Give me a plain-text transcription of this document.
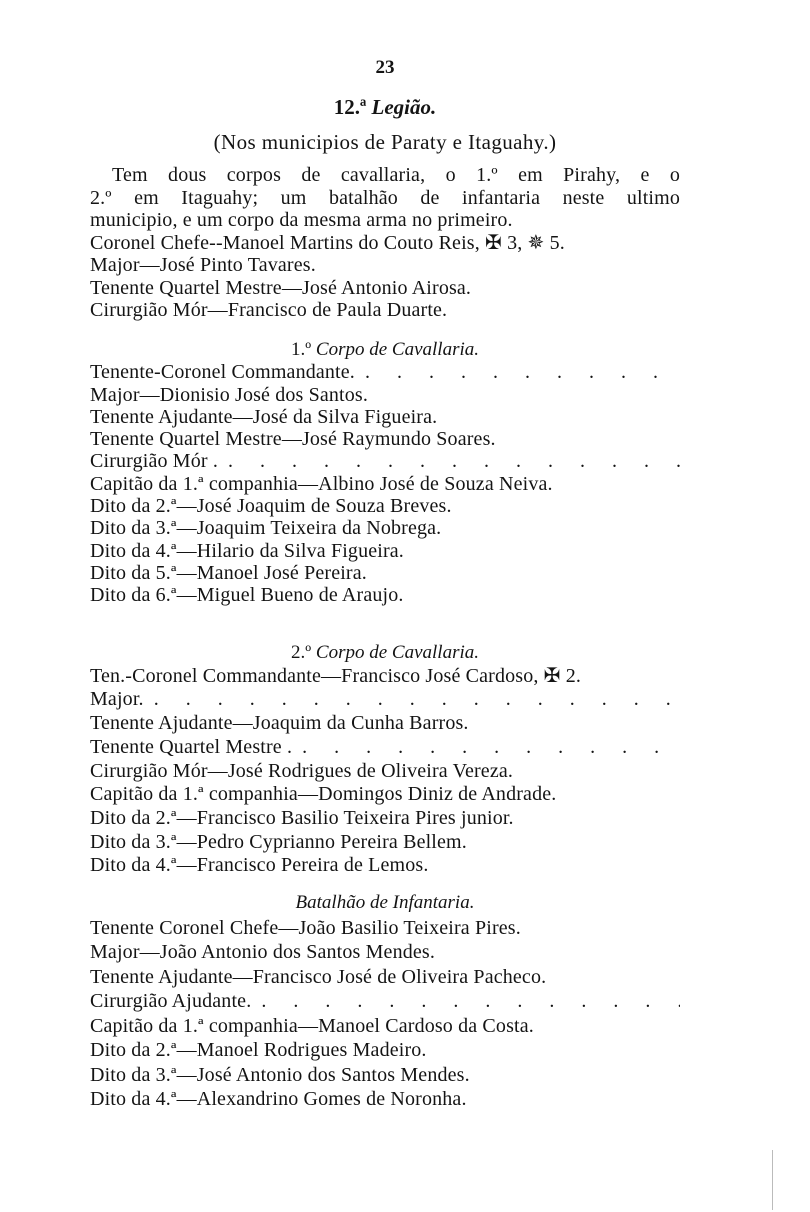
23
12.ª Legião.
(Nos municipios de Paraty e Itaguahy.)
Tem dous corpos de cavallaria, o 1.º em Pirahy, e o
2.º em Itaguahy; um batalhão de infantaria neste ultimo
municipio, e um corpo da mesma arma no primeiro.
Coronel Chefe--Manoel Martins do Couto Reis, ✠ 3, ✵ 5.
Major—José Pinto Tavares.
Tenente Quartel Mestre—José Antonio Airosa.
Cirurgião Mór—Francisco de Paula Duarte.
1.º Corpo de Cavallaria.
Tenente-Coronel Commandante.
. . .
Major—Dionisio José dos Santos.
Tenente Ajudante—José da Silva Figueira.
Tenente Quartel Mestre—José Raymundo Soares.
Cirurgião Mór .
. . .
Capitão da 1.ª companhia—Albino José de Souza Neiva.
Dito da 2.ª—José Joaquim de Souza Breves.
Dito da 3.ª—Joaquim Teixeira da Nobrega.
Dito da 4.ª—Hilario da Silva Figueira.
Dito da 5.ª—Manoel José Pereira.
Dito da 6.ª—Miguel Bueno de Araujo.
2.º Corpo de Cavallaria.
Ten.-Coronel Commandante—Francisco José Cardoso, ✠ 2.
Major.
. . .
Tenente Ajudante—Joaquim da Cunha Barros.
Tenente Quartel Mestre .
. . .
Cirurgião Mór—José Rodrigues de Oliveira Vereza.
Capitão da 1.ª companhia—Domingos Diniz de Andrade.
Dito da 2.ª—Francisco Basilio Teixeira Pires junior.
Dito da 3.ª—Pedro Cyprianno Pereira Bellem.
Dito da 4.ª—Francisco Pereira de Lemos.
Batalhão de Infantaria.
Tenente Coronel Chefe—João Basilio Teixeira Pires.
Major—João Antonio dos Santos Mendes.
Tenente Ajudante—Francisco José de Oliveira Pacheco.
Cirurgião Ajudante.
. . .
Capitão da 1.ª companhia—Manoel Cardoso da Costa.
Dito da 2.ª—Manoel Rodrigues Madeiro.
Dito da 3.ª—José Antonio dos Santos Mendes.
Dito da 4.ª—Alexandrino Gomes de Noronha.
